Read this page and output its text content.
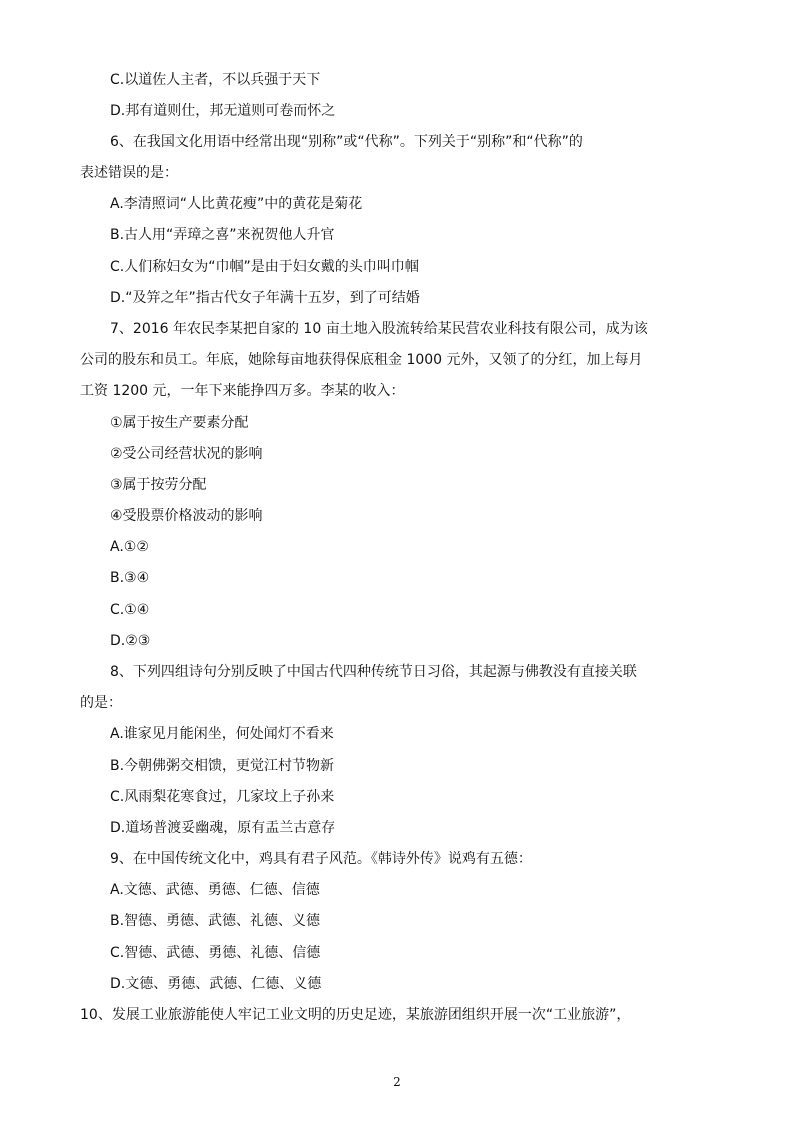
C.以道佐人主者，不以兵强于天下
D.邦有道则仕，邦无道则可卷而怀之
6、在我国文化用语中经常出现“别称”或“代称”。下列关于“别称”和“代称”的
表述错误的是：
A.李清照词“人比黄花瘦”中的黄花是菊花
B.古人用“弄璋之喜”来祝贺他人升官
C.人们称妇女为“巾帼”是由于妇女戴的头巾叫巾帼
D.“及笄之年”指古代女子年满十五岁，到了可结婚
7、2016 年农民李某把自家的 10 亩土地入股流转给某民营农业科技有限公司，成为该
公司的股东和员工。年底，她除每亩地获得保底租金 1000 元外，又领了的分红，加上每月
工资 1200 元，一年下来能挣四万多。李某的收入：
①属于按生产要素分配
②受公司经营状况的影响
③属于按劳分配
④受股票价格波动的影响
A.①②
B.③④
C.①④
D.②③
8、下列四组诗句分别反映了中国古代四种传统节日习俗，其起源与佛教没有直接关联
的是：
A.谁家见月能闲坐，何处闻灯不看来
B.今朝佛粥交相馈，更觉江村节物新
C.风雨梨花寒食过，几家坟上子孙来
D.道场普渡妥幽魂，原有盂兰古意存
9、在中国传统文化中，鸡具有君子风范。《韩诗外传》说鸡有五德：
A.文德、武德、勇德、仁德、信德
B.智德、勇德、武德、礼德、义德
C.智德、武德、勇德、礼德、信德
D.文德、勇德、武德、仁德、义德
10、发展工业旅游能使人牢记工业文明的历史足迹，某旅游团组织开展一次“工业旅游”，
2
